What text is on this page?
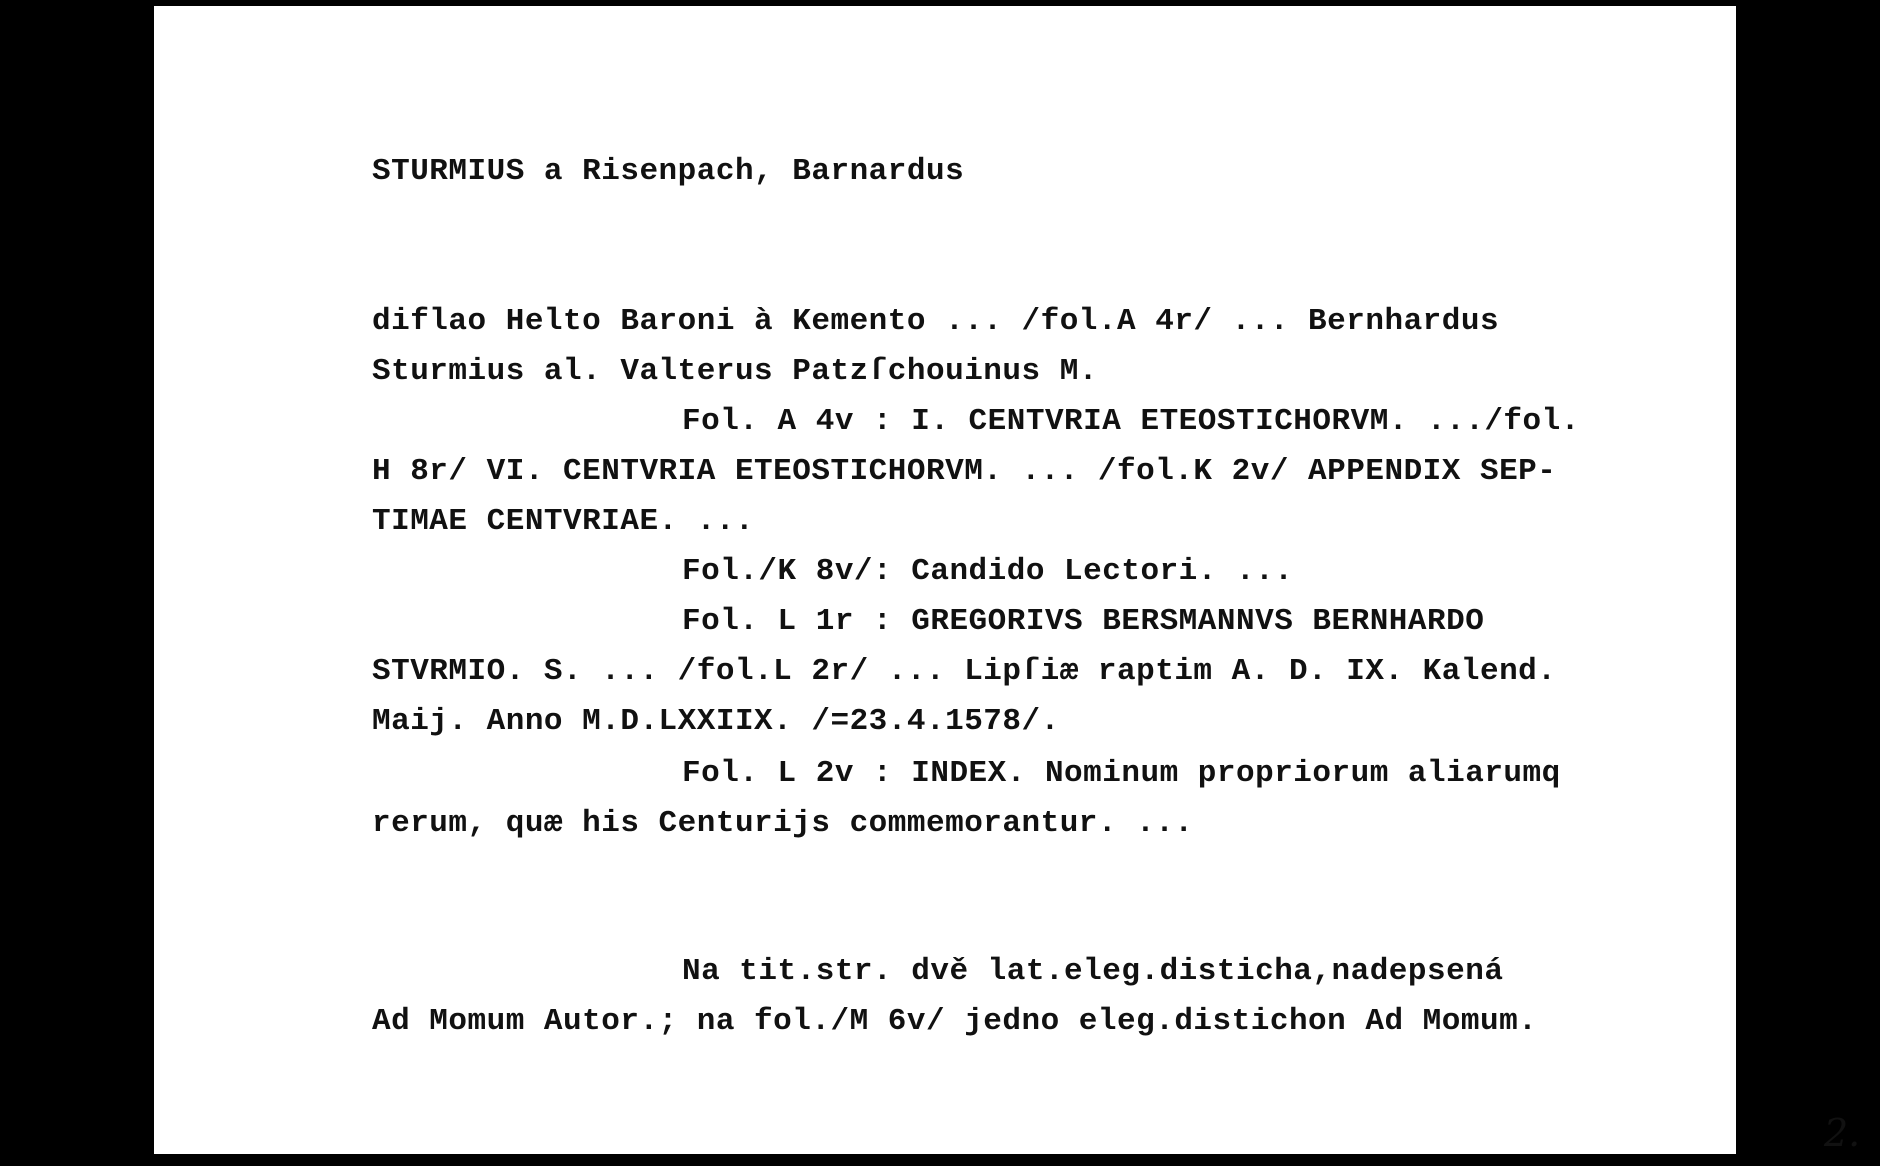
STURMIUS a Risenpach, Barnardus
diflao Helto Baroni à Kemento ... /fol.A 4r/ ... Bernhardus
Sturmius al. Valterus Patzſchouinus M.
Fol. A 4v : I. CENTVRIA ETEOSTICHORVM. .../fol.
H 8r/ VI. CENTVRIA ETEOSTICHORVM. ... /fol.K 2v/ APPENDIX SEP-
TIMAE CENTVRIAE. ...
Fol./K 8v/: Candido Lectori. ...
Fol. L 1r : GREGORIVS BERSMANNVS BERNHARDO
STVRMIO. S. ... /fol.L 2r/ ... Lipſiæ raptim A. D. IX. Kalend.
Maij. Anno M.D.LXXIIX. /=23.4.1578/.
Fol. L 2v : INDEX. Nominum propriorum aliarumq
rerum, quæ his Centurijs commemorantur. ...
Na tit.str. dvě lat.eleg.disticha,nadepsená
Ad Momum Autor.; na fol./M 6v/ jedno eleg.distichon Ad Momum.
2.
